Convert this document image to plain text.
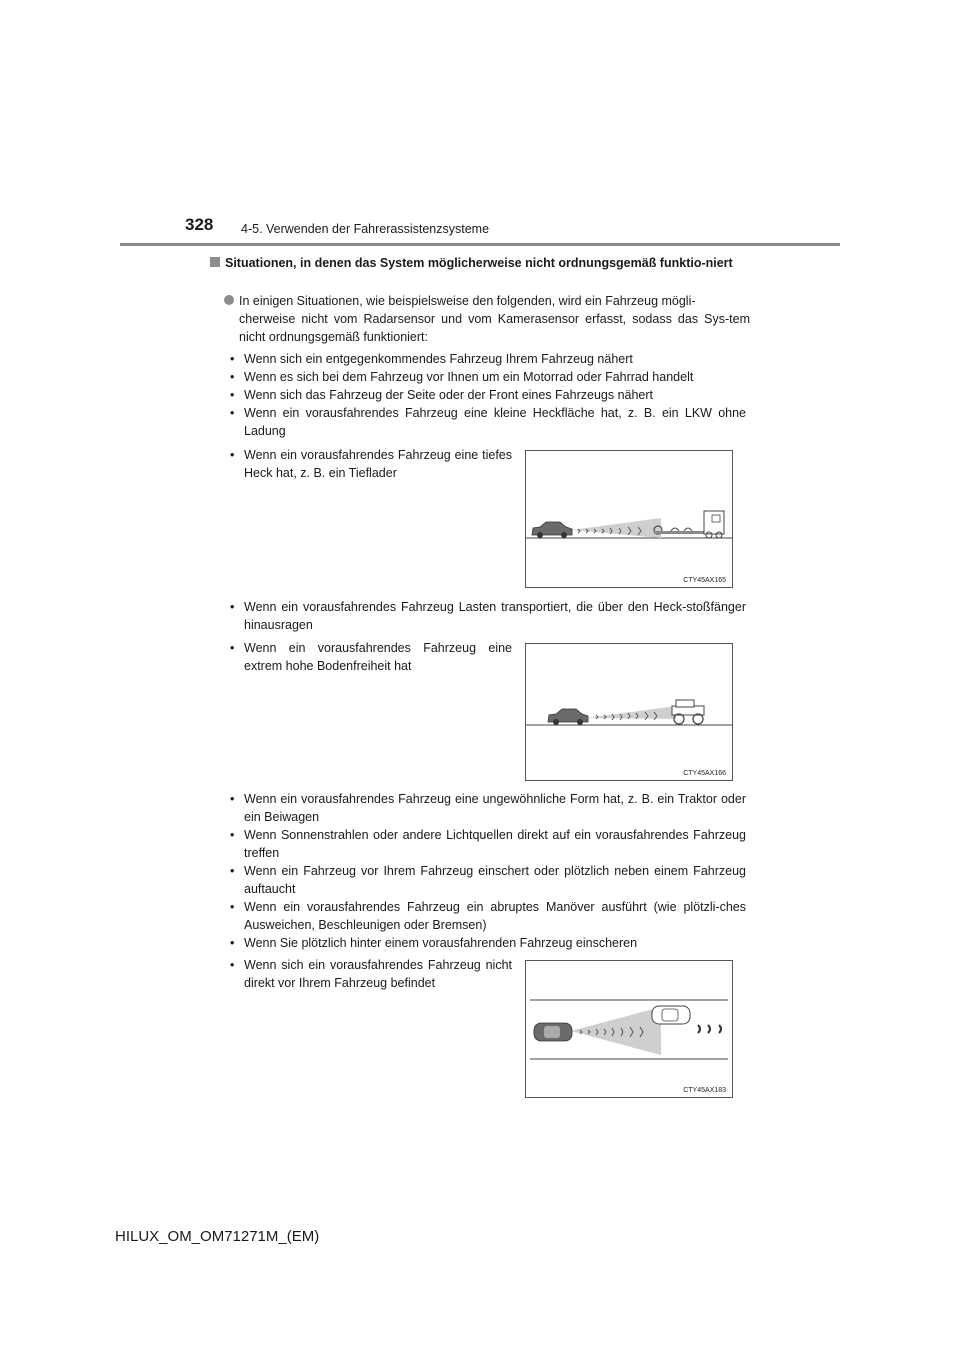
328 4-5. Verwenden der Fahrerassistenzsysteme
Situationen, in denen das System möglicherweise nicht ordnungsgemäß funktio-niert
In einigen Situationen, wie beispielsweise den folgenden, wird ein Fahrzeug mögli-
cherweise nicht vom Radarsensor und vom Kamerasensor erfasst, sodass das Sys-tem nicht ordnungsgemäß funktioniert:
• Wenn sich ein entgegenkommendes Fahrzeug Ihrem Fahrzeug nähert
• Wenn es sich bei dem Fahrzeug vor Ihnen um ein Motorrad oder Fahrrad handelt
• Wenn sich das Fahrzeug der Seite oder der Front eines Fahrzeugs nähert
• Wenn ein vorausfahrendes Fahrzeug eine kleine Heckfläche hat, z. B. ein LKW ohne Ladung
• Wenn ein vorausfahrendes Fahrzeug eine tiefes Heck hat, z. B. ein Tieflader
CTY45AX165
• Wenn ein vorausfahrendes Fahrzeug Lasten transportiert, die über den Heck-stoßfänger hinausragen
• Wenn ein vorausfahrendes Fahrzeug eine extrem hohe Bodenfreiheit hat
CTY45AX166
• Wenn ein vorausfahrendes Fahrzeug eine ungewöhnliche Form hat, z. B. ein Traktor oder ein Beiwagen
• Wenn Sonnenstrahlen oder andere Lichtquellen direkt auf ein vorausfahrendes Fahrzeug treffen
• Wenn ein Fahrzeug vor Ihrem Fahrzeug einschert oder plötzlich neben einem Fahrzeug auftaucht
• Wenn ein vorausfahrendes Fahrzeug ein abruptes Manöver ausführt (wie plötzli-ches Ausweichen, Beschleunigen oder Bremsen)
• Wenn Sie plötzlich hinter einem vorausfahrenden Fahrzeug einscheren
• Wenn sich ein vorausfahrendes Fahrzeug nicht direkt vor Ihrem Fahrzeug befindet
CTY45AX183
HILUX_OM_OM71271M_(EM)
